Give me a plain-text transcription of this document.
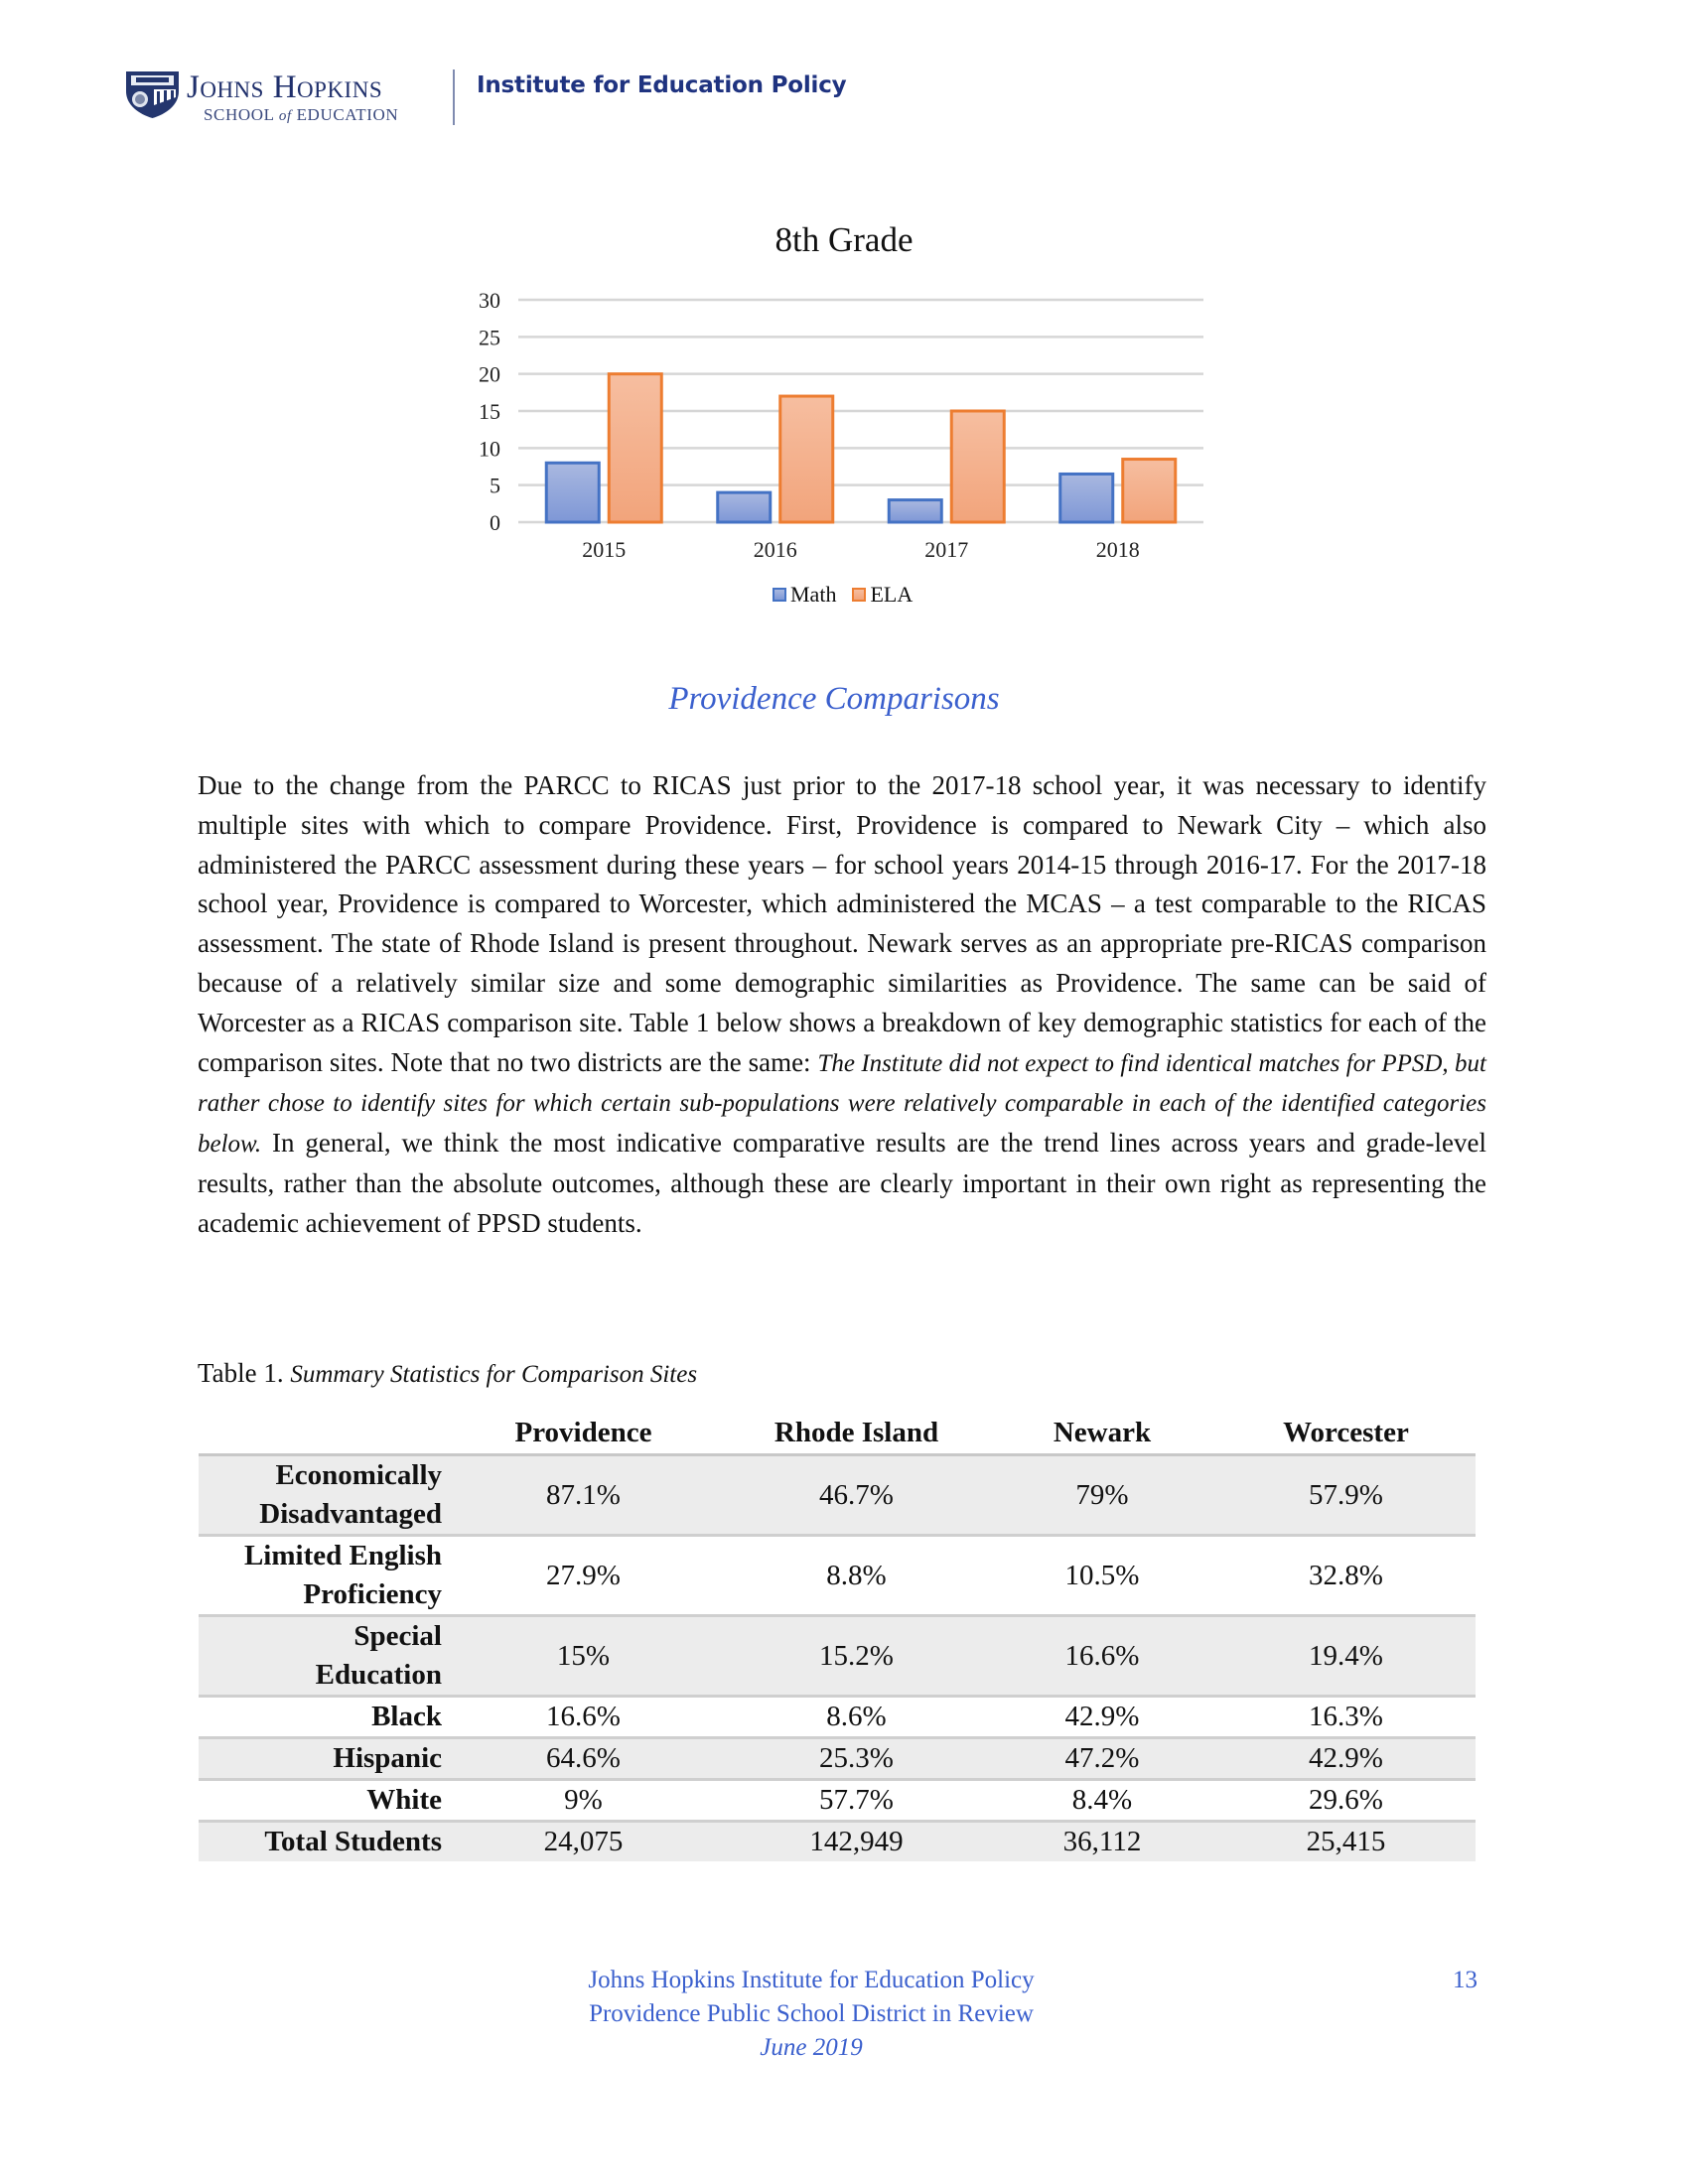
Johns Hopkins
SCHOOL of EDUCATION
Institute for Education Policy
8th Grade
0
5
10
15
20
25
30
2015	2016	2017	2018
Math ELA
Providence Comparisons
Due to the change from the PARCC to RICAS just prior to the 2017-18 school year, it was necessary to identify multiple sites with which to compare Providence. First, Providence is compared to Newark City – which also administered the PARCC assessment during these years – for school years 2014-15 through 2016-17. For the 2017-18 school year, Providence is compared to Worcester, which administered the MCAS – a test comparable to the RICAS assessment. The state of Rhode Island is present throughout. Newark serves as an appropriate pre-RICAS comparison because of a relatively similar size and some demographic similarities as Providence. The same can be said of Worcester as a RICAS comparison site. Table 1 below shows a breakdown of key demographic statistics for each of the comparison sites. Note that no two districts are the same: The Institute did not expect to find identical matches for PPSD, but rather chose to identify sites for which certain sub-populations were relatively comparable in each of the identified categories below. In general, we think the most indicative comparative results are the trend lines across years and grade-level results, rather than the absolute outcomes, although these are clearly important in their own right as representing the academic achievement of PPSD students.
Table 1. Summary Statistics for Comparison Sites
	Providence	Rhode Island	Newark	Worcester
Economically
Disadvantaged	87.1%	46.7%	79%	57.9%
Limited English
Proficiency	27.9%	8.8%	10.5%	32.8%
Special
Education	15%	15.2%	16.6%	19.4%
Black	16.6%	8.6%	42.9%	16.3%
Hispanic	64.6%	25.3%	47.2%	42.9%
White	9%	57.7%	8.4%	29.6%
Total Students	24,075	142,949	36,112	25,415
Johns Hopkins Institute for Education Policy
Providence Public School District in Review
June 2019
13
